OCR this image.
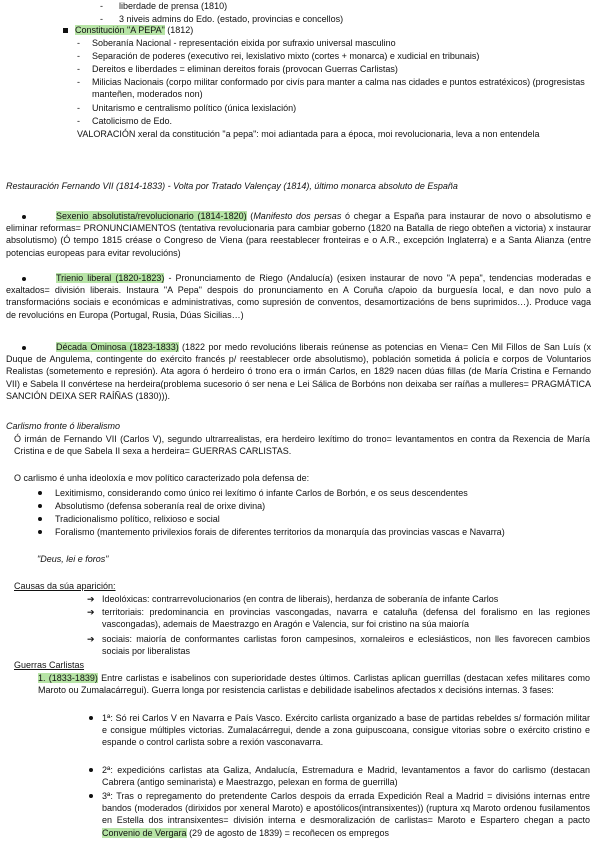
- liberdade de prensa (1810)
- 3 niveis admins do Edo. (estado, provincias e concellos)
Constitución "A PEPA" (1812)
- Soberanía Nacional - representación eixida por sufraxio universal masculino
- Separación de poderes (executivo rei, lexislativo mixto (cortes + monarca) e xudicial en tribunais)
- Dereitos e liberdades = eliminan dereitos forais (provocan Guerras Carlistas)
- Milicias Nacionais (corpo militar conformado por civís para manter a calma nas cidades e puntos estratéxicos) (progresistas manteñen, moderados non)
- Unitarismo e centralismo político (única lexislación)
- Catolicismo de Edo.
VALORACIÓN xeral da constitución "a pepa": moi adiantada para a época, moi revolucionaria, leva a non entendela
Restauración Fernando VII (1814-1833) - Volta por Tratado Valençay (1814), último monarca absoluto de España
Sexenio absolutista/revolucionario (1814-1820) (Manifesto dos persas ó chegar a España para instaurar de novo o absolutismo e eliminar reformas= PRONUNCIAMENTOS (tentativa revolucionaria para cambiar goberno (1820 na Batalla de riego obteñen a victoria) x instaurar absolutismo) (Ó tempo 1815 créase o Congreso de Viena (para reestablecer fronteiras e o A.R., excepción Inglaterra) e a Santa Alianza (entre potencias europeas para evitar revolucións)
Trienio liberal (1820-1823) - Pronunciamento de Riego (Andalucía) (esixen instaurar de novo "A pepa", tendencias moderadas e exaltados= división liberais. Instaura "A Pepa" despois do pronunciamento en A Coruña c/apoio da burguesía local, e dan novo pulo a transformacións sociais e económicas e administrativas, como supresión de conventos, desamortizacións de bens suprimidos…). Produce vaga de revolucións en Europa (Portugal, Rusia, Dúas Sicilias…)
Década Ominosa (1823-1833) (1822 por medo revolucións liberais reúnense as potencias en Viena= Cen Mil Fillos de San Luís (x Duque de Angulema, contingente do exército francés p/ reestablecer orde absolutismo), población sometida á policía e corpos de Voluntarios Realistas (sometemento e represión). Ata agora ó herdeiro ó trono era o irmán Carlos, en 1829 nacen dúas fillas (de María Cristina e Fernando VII) e Sabela II convértese na herdeira(problema sucesorio ó ser nena e Lei Sálica de Borbóns non deixaba ser raíñas a mulleres= PRAGMÁTICA SANCIÓN DEIXA SER RAÍÑAS (1830))).
Carlismo fronte ó liberalismo
Ó irmán de Fernando VII (Carlos V), segundo ultrarrealistas, era herdeiro lexítimo do trono= levantamentos en contra da Rexencia de María Cristina e de que Sabela II sexa a herdeira= GUERRAS CARLISTAS.
O carlismo é unha ideoloxía e mov político caracterizado pola defensa de:
Lexitimismo, considerando como único rei lexítimo ó infante Carlos de Borbón, e os seus descendentes
Absolutismo (defensa soberanía real de orixe divina)
Tradicionalismo político, relixioso e social
Foralismo (mantemento privilexios forais de diferentes territorios da monarquía das provincias vascas e Navarra)
"Deus, lei e foros"
Causas da súa aparición:
➔ Ideolóxicas: contrarrevolucionarios (en contra de liberais), herdanza de soberanía de infante Carlos
➔ territoriais: predominancia en provincias vascongadas, navarra e cataluña (defensa del foralismo en las regiones vascongadas), ademais de Maestrazgo en Aragón e Valencia, sur foi cristino na súa maioría
➔ sociais: maioría de conformantes carlistas foron campesinos, xornaleiros e eclesiásticos, non lles favorecen cambios sociais por liberalistas
Guerras Carlistas
1. (1833-1839) Entre carlistas e isabelinos con superioridade destes últimos. Carlistas aplican guerrillas (destacan xefes militares como Maroto ou Zumalacárregui). Guerra longa por resistencia carlistas e debilidade isabelinos afectados x decisións internas. 3 fases:
1ª: Só rei Carlos V en Navarra e País Vasco. Exército carlista organizado a base de partidas rebeldes s/ formación militar e consigue múltiples victorias. Zumalacárregui, dende a zona guipuscoana, consigue vitorias sobre o exército cristino e espande o control carlista sobre a rexión vasconavarra.
2ª: expedicións carlistas ata Galiza, Andalucía, Estremadura e Madrid, levantamentos a favor do carlismo (destacan Cabrera (antigo seminarista) e Maestrazgo, pelexan en forma de guerrilla)
3ª: Tras o repregamento do pretendente Carlos despois da errada Expedición Real a Madrid = divisións internas entre bandos (moderados (dirixidos por xeneral Maroto) e apostólicos(intransixentes)) (ruptura xq Maroto ordenou fusilamentos en Estella dos intransixentes= división interna e desmoralización de carlistas= Maroto e Espartero chegan a pacto Convenio de Vergara (29 de agosto de 1839) = recoñecen os empregos
